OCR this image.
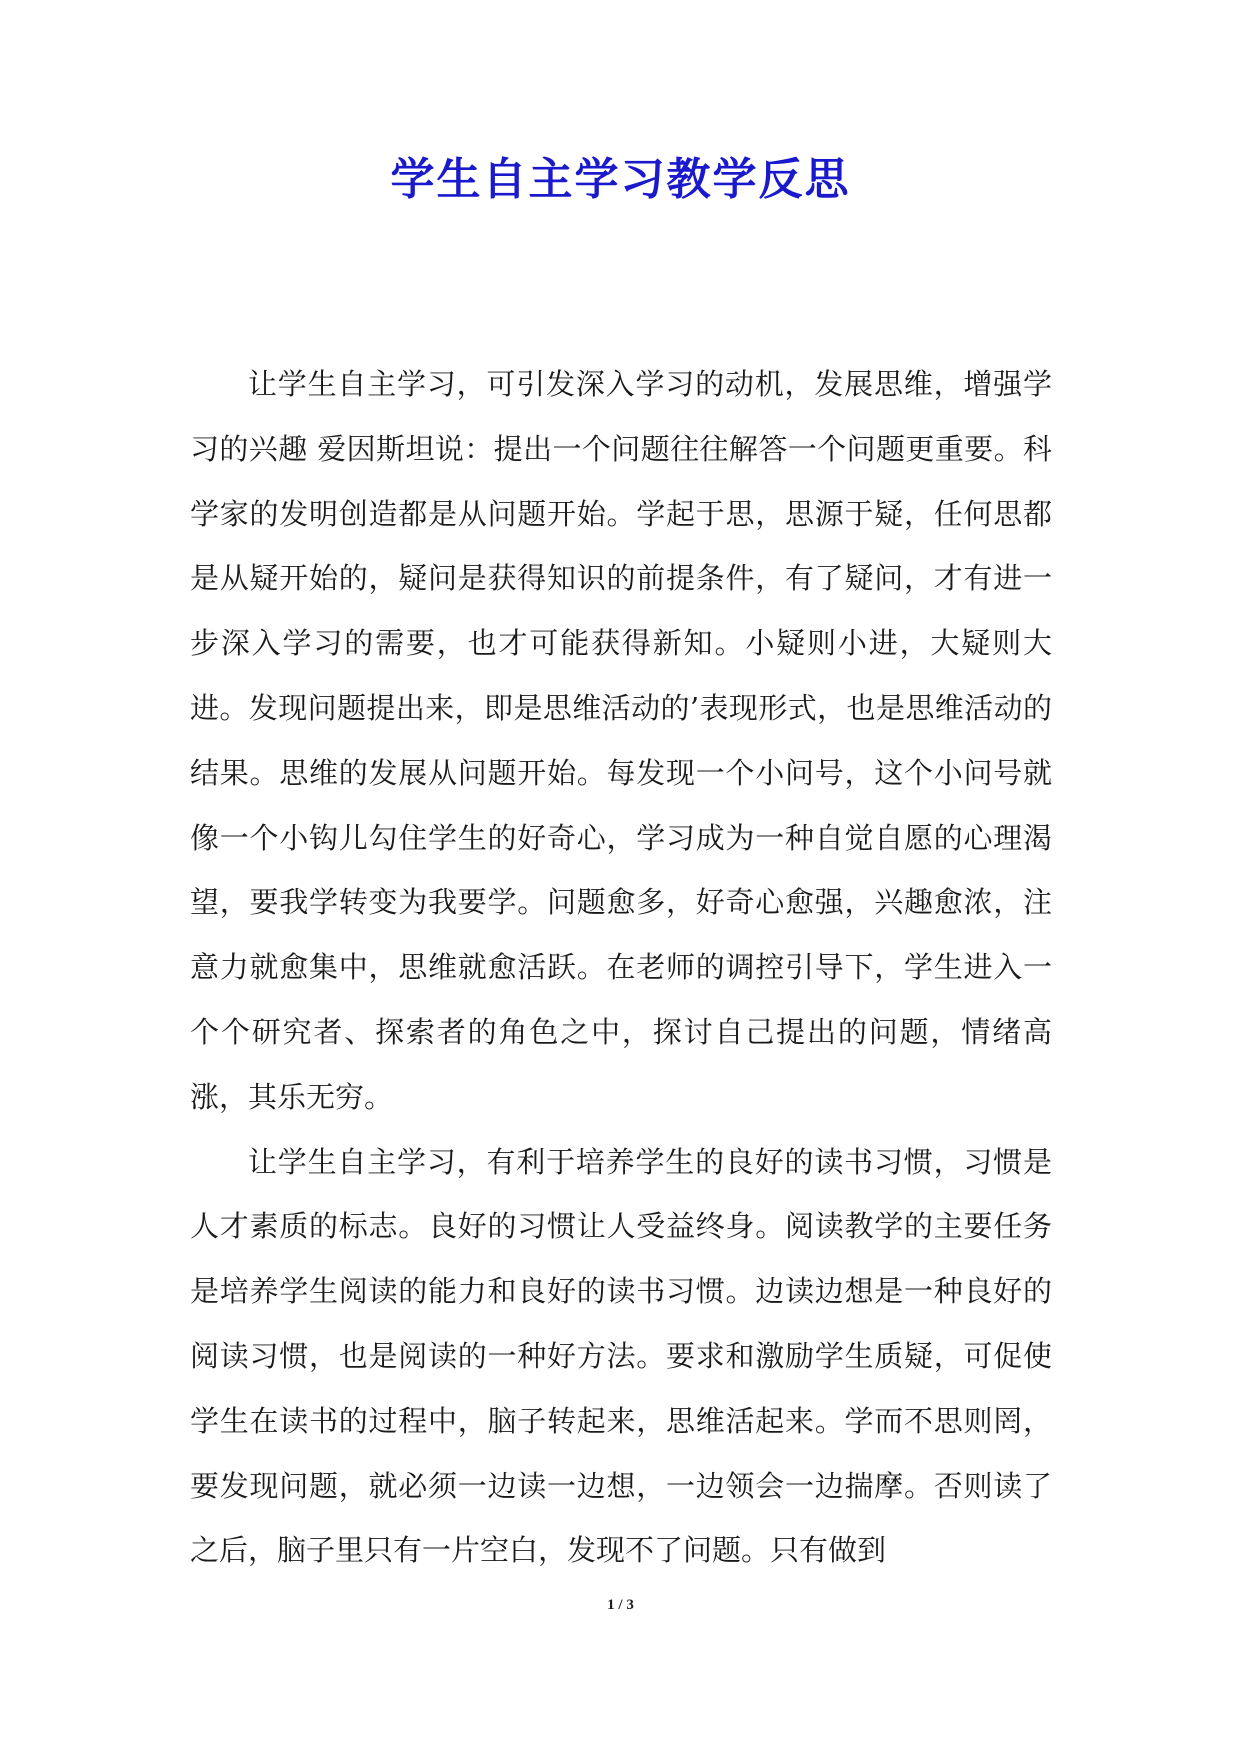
学生自主学习教学反思

让学生自主学习，可引发深入学习的动机，发展思维，增强学习的兴趣 爱因斯坦说：提出一个问题往往解答一个问题更重要。科学家的发明创造都是从问题开始。学起于思，思源于疑，任何思都是从疑开始的，疑问是获得知识的前提条件，有了疑问，才有进一步深入学习的需要，也才可能获得新知。小疑则小进，大疑则大进。发现问题提出来，即是思维活动的’表现形式，也是思维活动的结果。思维的发展从问题开始。每发现一个小问号，这个小问号就像一个小钩儿勾住学生的好奇心，学习成为一种自觉自愿的心理渴望，要我学转变为我要学。问题愈多，好奇心愈强，兴趣愈浓，注意力就愈集中，思维就愈活跃。在老师的调控引导下，学生进入一个个研究者、探索者的角色之中，探讨自己提出的问题，情绪高涨，其乐无穷。

让学生自主学习，有利于培养学生的良好的读书习惯，习惯是人才素质的标志。良好的习惯让人受益终身。阅读教学的主要任务是培养学生阅读的能力和良好的读书习惯。边读边想是一种良好的阅读习惯，也是阅读的一种好方法。要求和激励学生质疑，可促使学生在读书的过程中，脑子转起来，思维活起来。学而不思则罔，要发现问题，就必须一边读一边想，一边领会一边揣摩。否则读了之后，脑子里只有一片空白，发现不了问题。只有做到

1 / 3
